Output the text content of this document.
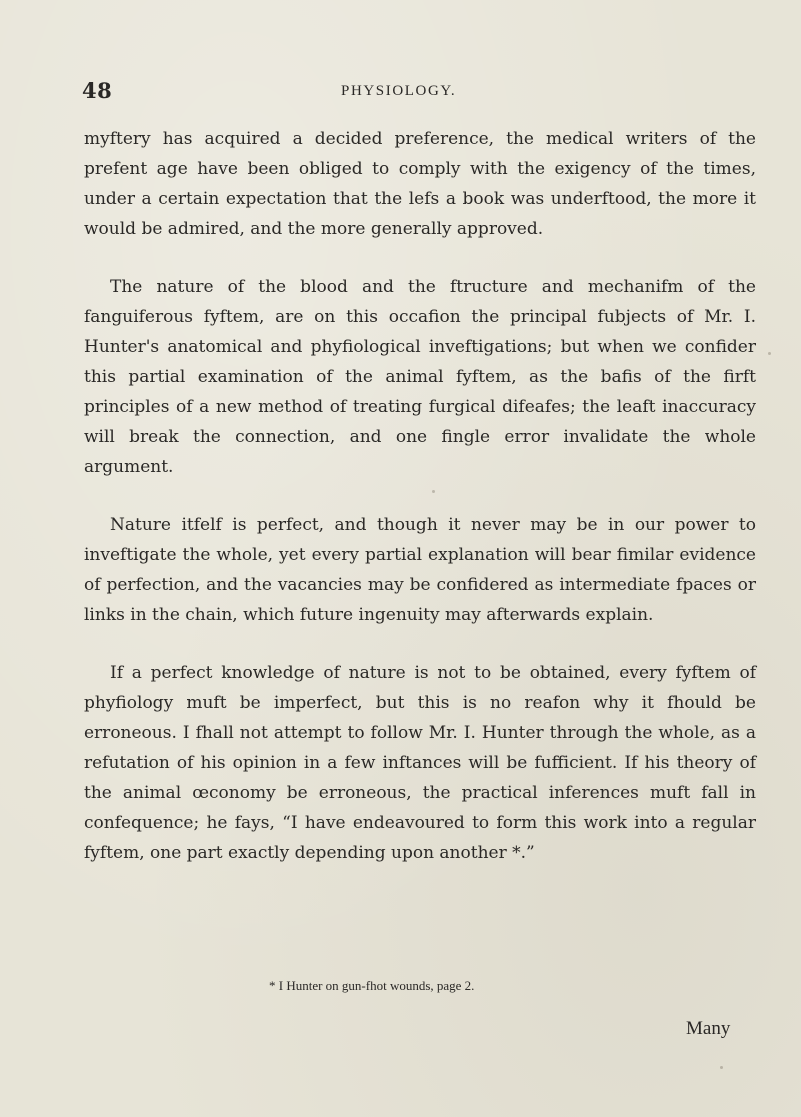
48	PHYSIOLOGY.

myftery has acquired a decided preference, the medical writers of the prefent age have been obliged to comply with the exigency of the times, under a certain expectation that the lefs a book was underftood, the more it would be admired, and the more generally approved.

The nature of the blood and the ftructure and mechanifm of the fanguiferous fyftem, are on this occafion the principal fubjects of Mr. I. Hunter's anatomical and phyfiological inveftigations; but when we confider this partial examination of the animal fyftem, as the bafis of the firft principles of a new method of treating furgical difeafes; the leaft inaccuracy will break the connection, and one fingle error invalidate the whole argument.

Nature itfelf is perfect, and though it never may be in our power to inveftigate the whole, yet every partial explanation will bear fimilar evidence of perfection, and the vacancies may be confidered as intermediate fpaces or links in the chain, which future ingenuity may afterwards explain.

If a perfect knowledge of nature is not to be obtained, every fyftem of phyfiology muft be imperfect, but this is no reafon why it fhould be erroneous. I fhall not attempt to follow Mr. I. Hunter through the whole, as a refutation of his opinion in a few inftances will be fufficient. If his theory of the animal œconomy be erroneous, the practical inferences muft fall in confequence; he fays, “I have endeavoured to form this work into a regular fyftem, one part exactly depending upon another *.”

* I Hunter on gun-fhot wounds, page 2.
Many
